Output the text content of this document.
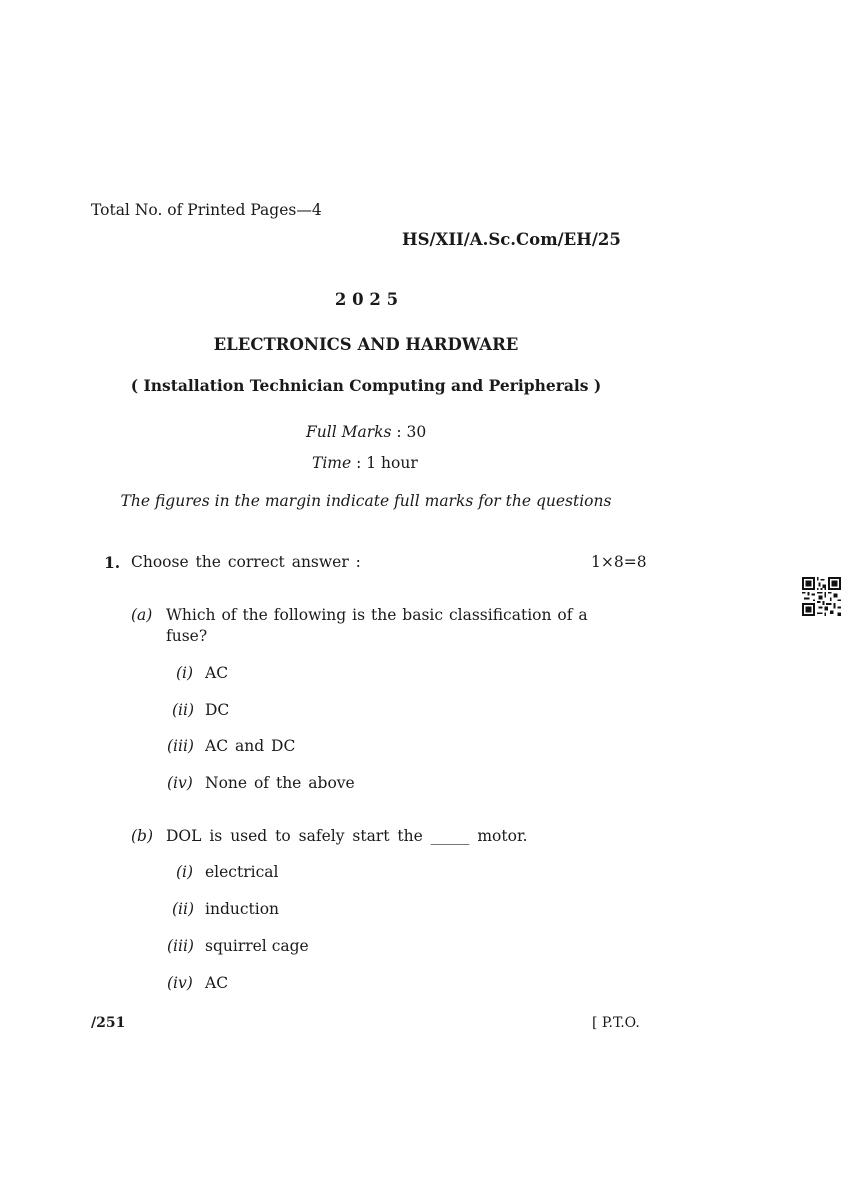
Total No. of Printed Pages—4
HS/XII/A.Sc.Com/EH/25
2 0 2 5
ELECTRONICS AND HARDWARE
( Installation Technician Computing and Peripherals )
Full Marks : 30
Time : 1 hour
The figures in the margin indicate full marks for the questions
1. Choose the correct answer :	1×8=8
(a) Which of the following is the basic classification of a
fuse?
(i) AC
(ii) DC
(iii) AC and DC
(iv) None of the above
(b) DOL is used to safely start the _____ motor.
(i) electrical
(ii) induction
(iii) squirrel cage
(iv) AC
/251	[ P.T.O.
